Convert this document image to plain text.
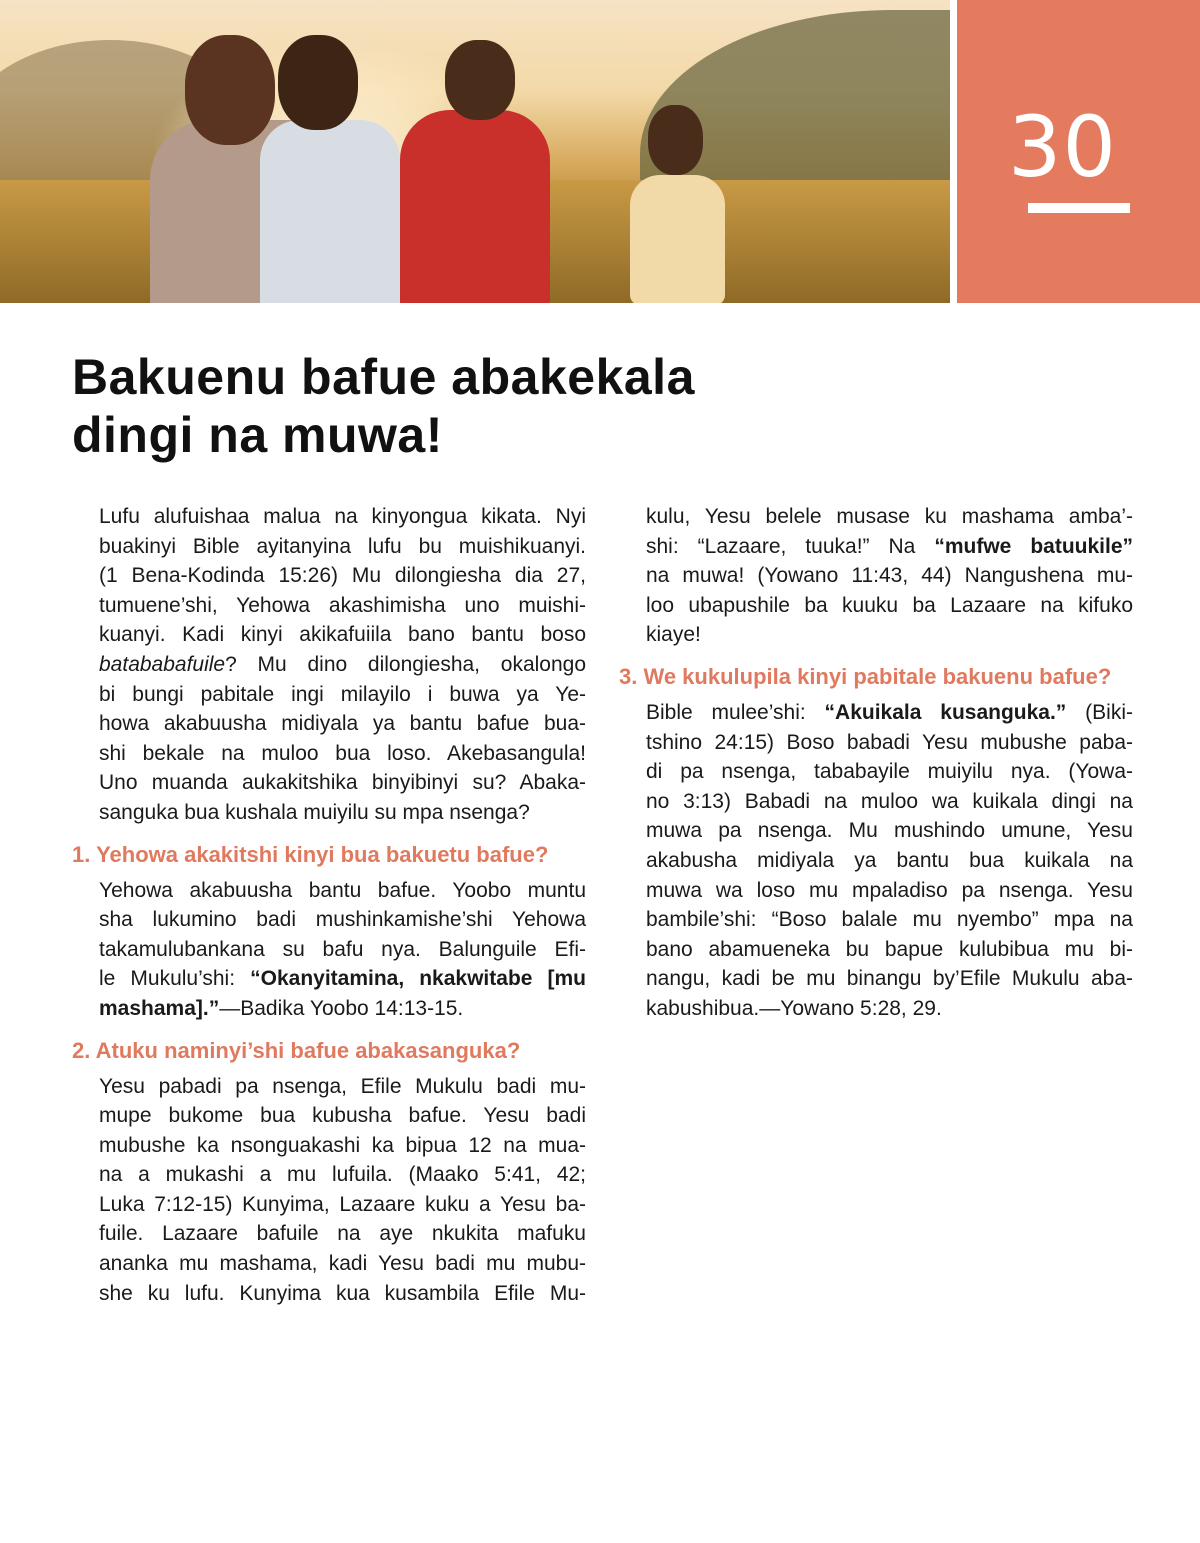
30
Bakuenu bafue abakekala
dingi na muwa!
Lufu alufuishaa malua na kinyongua kikata. Nyi
buakinyi Bible ayitanyina lufu bu muishikuanyi.
(1 Bena-Kodinda 15:26) Mu dilongiesha dia 27,
tumuene’shi, Yehowa akashimisha uno muishi-
kuanyi. Kadi kinyi akikafuiila bano bantu boso
batababafuile? Mu dino dilongiesha, okalongo
bi bungi pabitale ingi milayilo i buwa ya Ye-
howa akabuusha midiyala ya bantu bafue bua-
shi bekale na muloo bua loso. Akebasangula!
Uno muanda aukakitshika binyibinyi su? Abaka-
sanguka bua kushala muiyilu su mpa nsenga?
1. Yehowa akakitshi kinyi bua bakuetu bafue?
Yehowa akabuusha bantu bafue. Yoobo muntu
sha lukumino badi mushinkamishe’shi Yehowa
takamulubankana su bafu nya. Balunguile Efi-
le Mukulu’shi: “Okanyitamina, nkakwitabe [mu
mashama].”—Badika Yoobo 14:13-15.
2. Atuku naminyi’shi bafue abakasanguka?
Yesu pabadi pa nsenga, Efile Mukulu badi mu-
mupe bukome bua kubusha bafue. Yesu badi
mubushe ka nsonguakashi ka bipua 12 na mua-
na a mukashi a mu lufuila. (Maako 5:41, 42;
Luka 7:12-15) Kunyima, Lazaare kuku a Yesu ba-
fuile. Lazaare bafuile na aye nkukita mafuku
ananka mu mashama, kadi Yesu badi mu mubu-
she ku lufu. Kunyima kua kusambila Efile Mu-
kulu, Yesu belele musase ku mashama amba’-
shi: “Lazaare, tuuka!” Na “mufwe batuukile”
na muwa! (Yowano 11:43, 44) Nangushena mu-
loo ubapushile ba kuuku ba Lazaare na kifuko
kiaye!
3. We kukulupila kinyi pabitale bakuenu bafue?
Bible mulee’shi: “Akuikala kusanguka.” (Biki-
tshino 24:15) Boso babadi Yesu mubushe paba-
di pa nsenga, tababayile muiyilu nya. (Yowa-
no 3:13) Babadi na muloo wa kuikala dingi na
muwa pa nsenga. Mu mushindo umune, Yesu
akabusha midiyala ya bantu bua kuikala na
muwa wa loso mu mpaladiso pa nsenga. Yesu
bambile’shi: “Boso balale mu nyembo” mpa na
bano abamueneka bu bapue kulubibua mu bi-
nangu, kadi be mu binangu by’Efile Mukulu aba-
kabushibua.—Yowano 5:28, 29.
